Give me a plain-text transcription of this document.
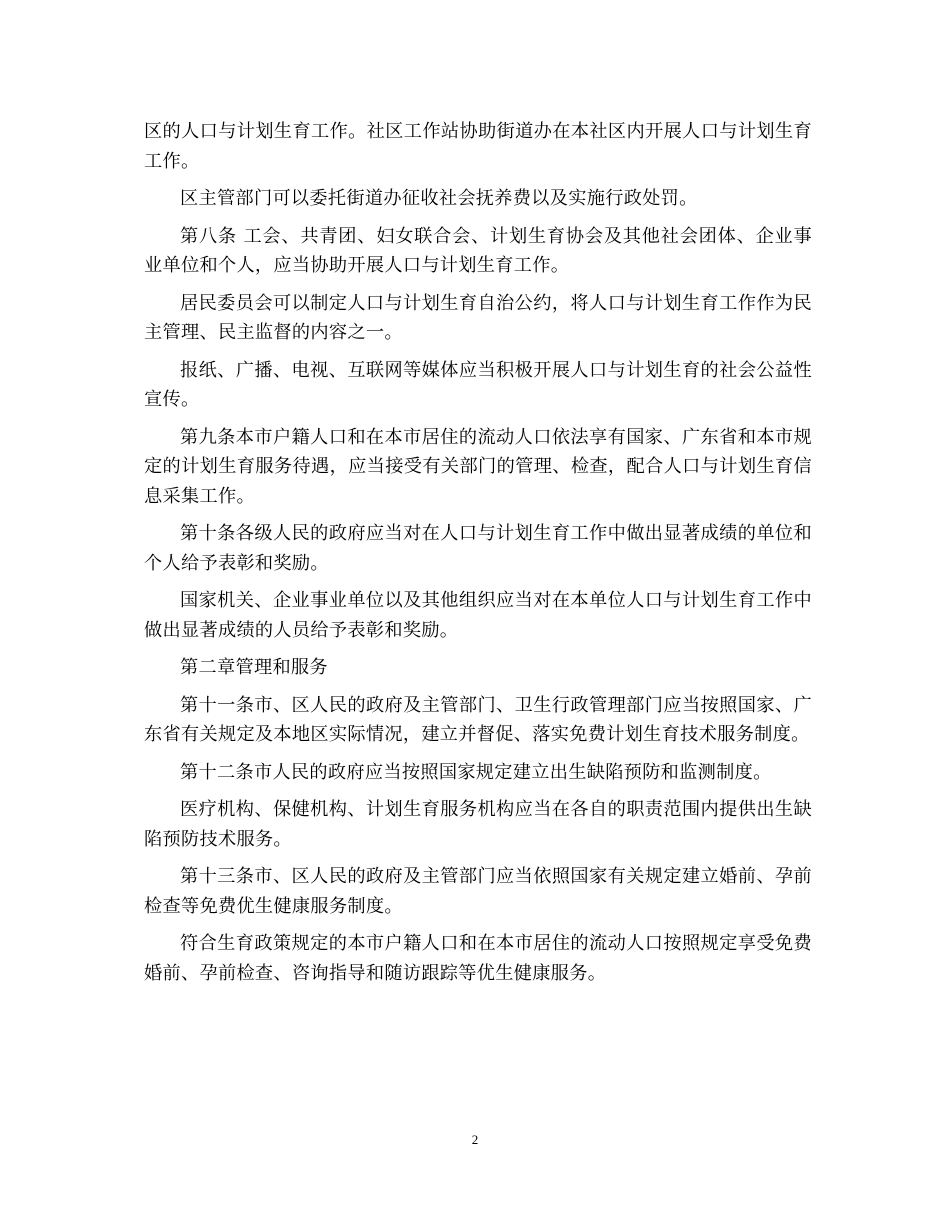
区的人口与计划生育工作。社区工作站协助街道办在本社区内开展人口与计划生育工作。

区主管部门可以委托街道办征收社会抚养费以及实施行政处罚。

第八条 工会、共青团、妇女联合会、计划生育协会及其他社会团体、企业事业单位和个人，应当协助开展人口与计划生育工作。

居民委员会可以制定人口与计划生育自治公约，将人口与计划生育工作作为民主管理、民主监督的内容之一。

报纸、广播、电视、互联网等媒体应当积极开展人口与计划生育的社会公益性宣传。

第九条本市户籍人口和在本市居住的流动人口依法享有国家、广东省和本市规定的计划生育服务待遇，应当接受有关部门的管理、检查，配合人口与计划生育信息采集工作。

第十条各级人民的政府应当对在人口与计划生育工作中做出显著成绩的单位和个人给予表彰和奖励。

国家机关、企业事业单位以及其他组织应当对在本单位人口与计划生育工作中做出显著成绩的人员给予表彰和奖励。

第二章管理和服务

第十一条市、区人民的政府及主管部门、卫生行政管理部门应当按照国家、广东省有关规定及本地区实际情况，建立并督促、落实免费计划生育技术服务制度。

第十二条市人民的政府应当按照国家规定建立出生缺陷预防和监测制度。

医疗机构、保健机构、计划生育服务机构应当在各自的职责范围内提供出生缺陷预防技术服务。

第十三条市、区人民的政府及主管部门应当依照国家有关规定建立婚前、孕前检查等免费优生健康服务制度。

符合生育政策规定的本市户籍人口和在本市居住的流动人口按照规定享受免费婚前、孕前检查、咨询指导和随访跟踪等优生健康服务。

2
